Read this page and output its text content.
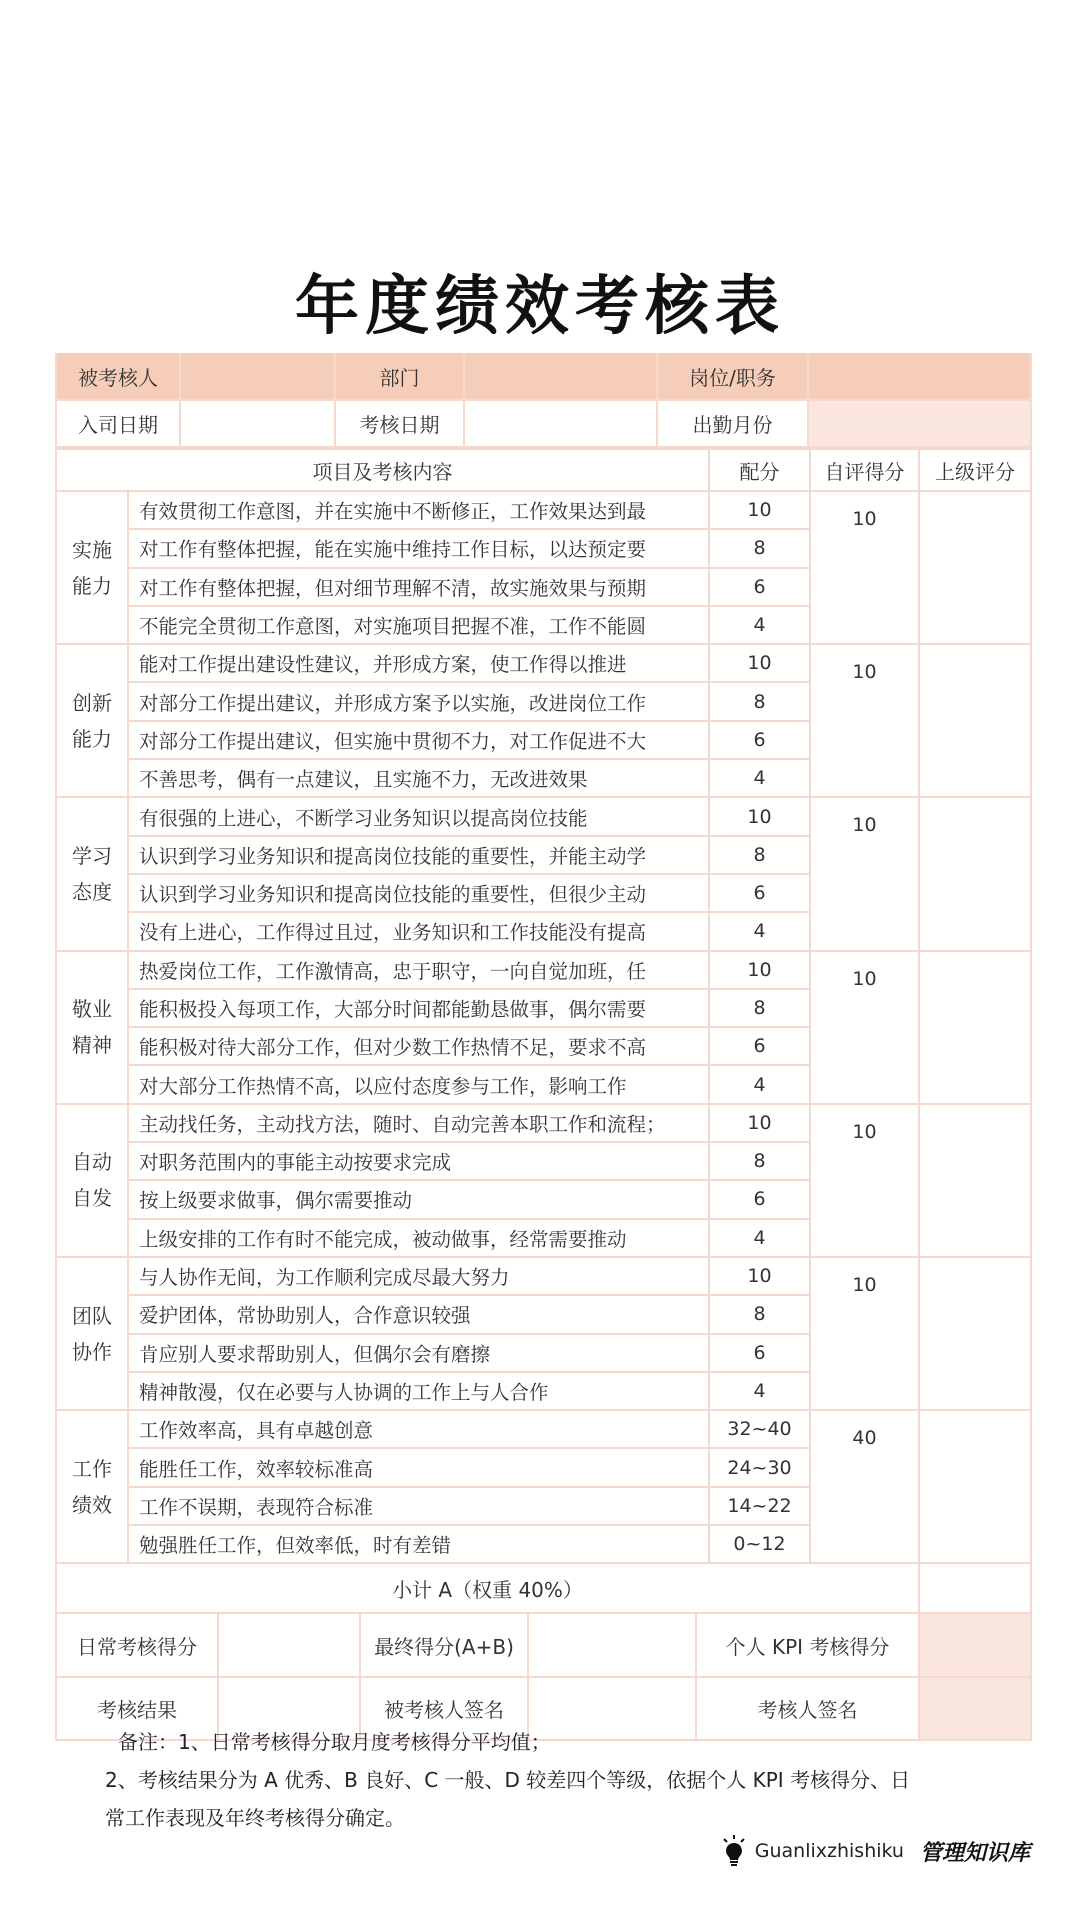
年度绩效考核表
被考核人		部门		岗位/职务	
入司日期		考核日期		出勤月份	
项目及考核内容		配分	自评得分	上级评分
实施
能力	有效贯彻工作意图，并在实施中不断修正，工作效果达到最	10	10	
	对工作有整体把握，能在实施中维持工作目标，以达预定要	8		
	对工作有整体把握，但对细节理解不清，故实施效果与预期	6		
	不能完全贯彻工作意图，对实施项目把握不准，工作不能圆	4		
创新
能力	能对工作提出建设性建议，并形成方案，使工作得以推进	10	10	
	对部分工作提出建议，并形成方案予以实施，改进岗位工作	8		
	对部分工作提出建议，但实施中贯彻不力，对工作促进不大	6		
	不善思考，偶有一点建议，且实施不力，无改进效果	4		
学习
态度	有很强的上进心，不断学习业务知识以提高岗位技能	10	10	
	认识到学习业务知识和提高岗位技能的重要性，并能主动学	8		
	认识到学习业务知识和提高岗位技能的重要性，但很少主动	6		
	没有上进心，工作得过且过，业务知识和工作技能没有提高	4		
敬业
精神	热爱岗位工作，工作激情高，忠于职守，一向自觉加班，任	10	10	
	能积极投入每项工作，大部分时间都能勤恳做事，偶尔需要	8		
	能积极对待大部分工作，但对少数工作热情不足，要求不高	6		
	对大部分工作热情不高，以应付态度参与工作，影响工作	4		
自动
自发	主动找任务，主动找方法，随时、自动完善本职工作和流程；	10	10	
	对职务范围内的事能主动按要求完成	8		
	按上级要求做事，偶尔需要推动	6		
	上级安排的工作有时不能完成，被动做事，经常需要推动	4		
团队
协作	与人协作无间，为工作顺利完成尽最大努力	10	10	
	爱护团体，常协助别人，合作意识较强	8		
	肯应别人要求帮助别人，但偶尔会有磨擦	6		
	精神散漫，仅在必要与人协调的工作上与人合作	4		
工作
绩效	工作效率高，具有卓越创意	32~40	40	
	能胜任工作，效率较标准高	24~30		
	工作不误期，表现符合标准	14~22		
	勉强胜任工作，但效率低，时有差错	0~12		
小计 A（权重 40%）				
日常考核得分		最终得分(A+B)		个人 KPI 考核得分	
考核结果		被考核人签名		考核人签名	
备注：1、日常考核得分取月度考核得分平均值；
2、考核结果分为 A 优秀、B 良好、C 一般、D 较差四个等级，依据个人 KPI 考核得分、日
常工作表现及年终考核得分确定。
Guanlixzhishiku 管理知识库
